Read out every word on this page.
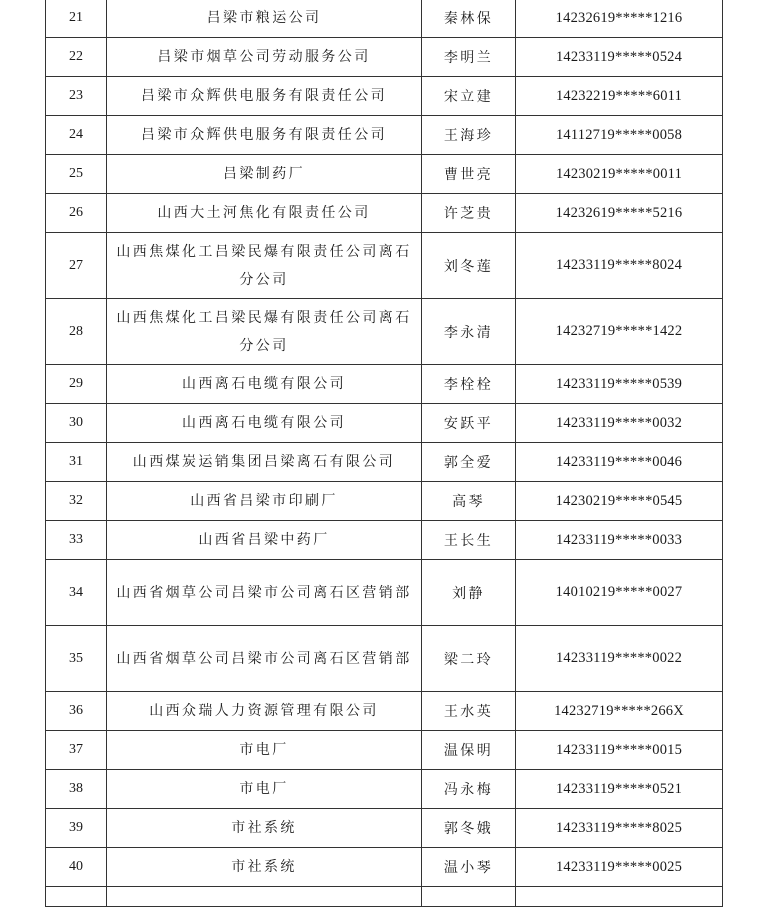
21	吕梁市粮运公司	秦林保	14232619*****1216
22	吕梁市烟草公司劳动服务公司	李明兰	14233119*****0524
23	吕梁市众辉供电服务有限责任公司	宋立建	14232219*****6011
24	吕梁市众辉供电服务有限责任公司	王海珍	14112719*****0058
25	吕梁制药厂	曹世亮	14230219*****0011
26	山西大土河焦化有限责任公司	许芝贵	14232619*****5216
27	山西焦煤化工吕梁民爆有限责任公司离石分公司	刘冬莲	14233119*****8024
28	山西焦煤化工吕梁民爆有限责任公司离石分公司	李永清	14232719*****1422
29	山西离石电缆有限公司	李栓栓	14233119*****0539
30	山西离石电缆有限公司	安跃平	14233119*****0032
31	山西煤炭运销集团吕梁离石有限公司	郭全爱	14233119*****0046
32	山西省吕梁市印刷厂	高琴	14230219*****0545
33	山西省吕梁中药厂	王长生	14233119*****0033
34	山西省烟草公司吕梁市公司离石区营销部	刘静	14010219*****0027
35	山西省烟草公司吕梁市公司离石区营销部	梁二玲	14233119*****0022
36	山西众瑞人力资源管理有限公司	王水英	14232719*****266X
37	市电厂	温保明	14233119*****0015
38	市电厂	冯永梅	14233119*****0521
39	市社系统	郭冬娥	14233119*****8025
40	市社系统	温小琴	14233119*****0025
